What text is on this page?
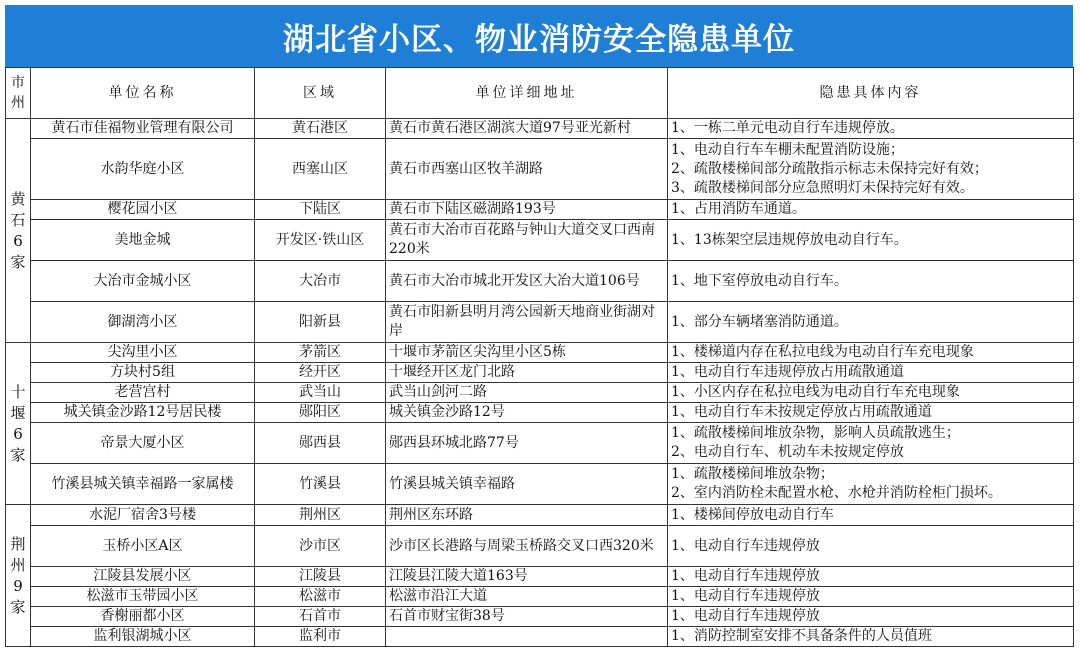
湖北省小区、物业消防安全隐患单位
市州	单位名称	区域	单位详细地址	隐患具体内容
黄石6家	黄石市佳福物业管理有限公司	黄石港区	黄石市黄石港区湖滨大道97号亚光新村	1、一栋二单元电动自行车违规停放。

	水韵华庭小区	西塞山区	黄石市西塞山区牧羊湖路	1、电动自行车车棚未配置消防设施；
2、疏散楼梯间部分疏散指示标志未保持完好有效；
3、疏散楼梯间部分应急照明灯未保持完好有效。

	樱花园小区	下陆区	黄石市下陆区磁湖路193号	1、占用消防车通道。

	美地金城	开发区·铁山区	黄石市大冶市百花路与钟山大道交叉口西南220米	1、13栋架空层违规停放电动自行车。

	大冶市金城小区	大冶市	黄石市大冶市城北开发区大冶大道106号	1、地下室停放电动自行车。

	御湖湾小区	阳新县	黄石市阳新县明月湾公园新天地商业街湖对岸	1、部分车辆堵塞消防通道。

十堰6家	尖沟里小区	茅箭区	十堰市茅箭区尖沟里小区5栋	1、楼梯道内存在私拉电线为电动自行车充电现象

	方块村5组	经开区	十堰经开区龙门北路	1、电动自行车违规停放占用疏散通道

	老营宫村	武当山	武当山剑河二路	1、小区内存在私拉电线为电动自行车充电现象

	城关镇金沙路12号居民楼	郧阳区	城关镇金沙路12号	1、电动自行车未按规定停放占用疏散通道

	帝景大厦小区	郧西县	郧西县环城北路77号	1、疏散楼梯间堆放杂物，影响人员疏散逃生；
2、电动自行车、机动车未按规定停放

	竹溪县城关镇幸福路一家属楼	竹溪县	竹溪县城关镇幸福路	1、疏散楼梯间堆放杂物；
2、室内消防栓未配置水枪、水枪并消防栓柜门损坏。

荆州9家	水泥厂宿舍3号楼	荆州区	荆州区东环路	1、楼梯间停放电动自行车

	玉桥小区A区	沙市区	沙市区长港路与周梁玉桥路交叉口西320米	1、电动自行车违规停放

	江陵县发展小区	江陵县	江陵县江陵大道163号	1、电动自行车违规停放

	松滋市玉带园小区	松滋市	松滋市沿江大道	1、电动自行车违规停放

	香榭丽都小区	石首市	石首市财宝街38号	1、电动自行车违规停放

	监利银湖城小区	监利市		1、消防控制室安排不具备条件的人员值班
